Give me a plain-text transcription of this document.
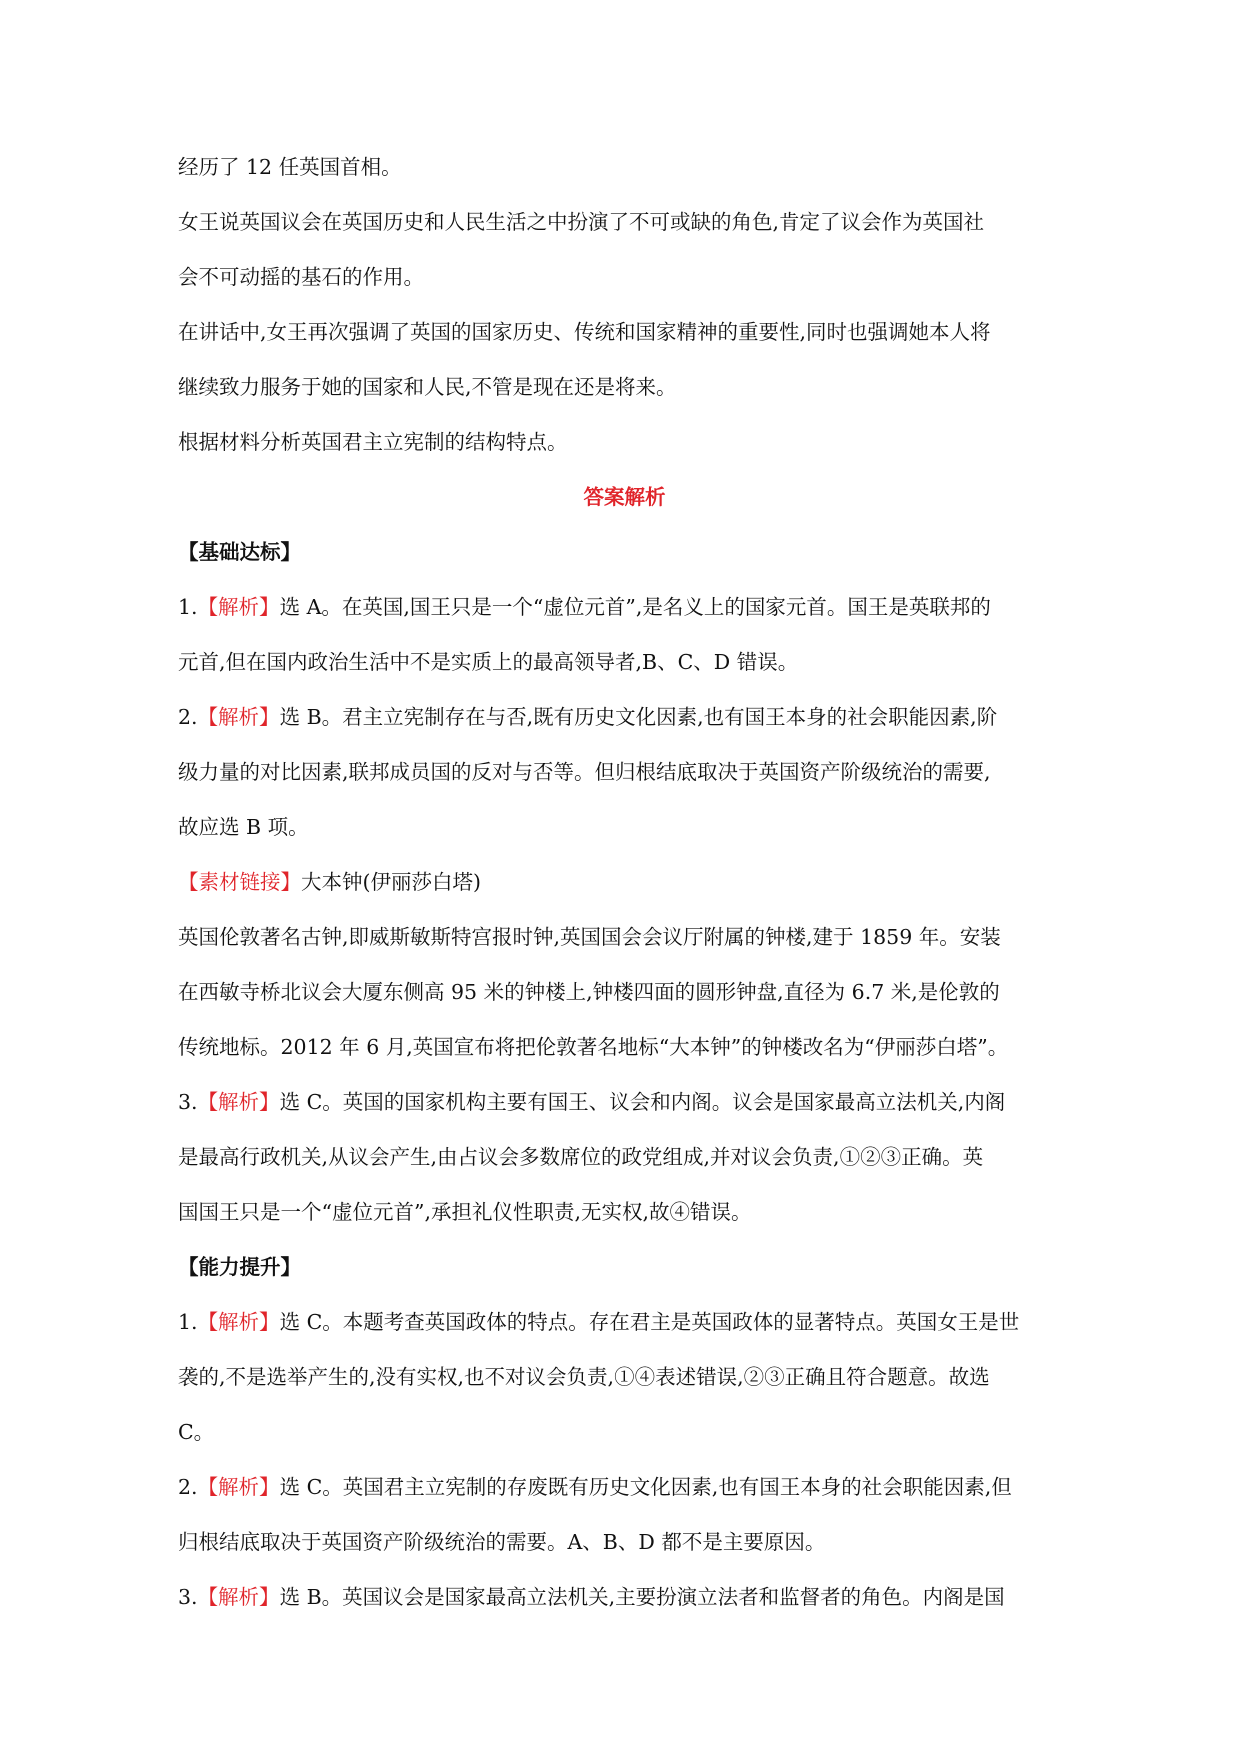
经历了 12 任英国首相。
女王说英国议会在英国历史和人民生活之中扮演了不可或缺的角色,肯定了议会作为英国社
会不可动摇的基石的作用。
在讲话中,女王再次强调了英国的国家历史、传统和国家精神的重要性,同时也强调她本人将
继续致力服务于她的国家和人民,不管是现在还是将来。
根据材料分析英国君主立宪制的结构特点。
答案解析
【基础达标】
1.【解析】选 A。在英国,国王只是一个“虚位元首”,是名义上的国家元首。国王是英联邦的
元首,但在国内政治生活中不是实质上的最高领导者,B、C、D 错误。
2.【解析】选 B。君主立宪制存在与否,既有历史文化因素,也有国王本身的社会职能因素,阶
级力量的对比因素,联邦成员国的反对与否等。但归根结底取决于英国资产阶级统治的需要,
故应选 B 项。
【素材链接】大本钟(伊丽莎白塔)
英国伦敦著名古钟,即威斯敏斯特宫报时钟,英国国会会议厅附属的钟楼,建于 1859 年。安装
在西敏寺桥北议会大厦东侧高 95 米的钟楼上,钟楼四面的圆形钟盘,直径为 6.7 米,是伦敦的
传统地标。2012 年 6 月,英国宣布将把伦敦著名地标“大本钟”的钟楼改名为“伊丽莎白塔”。
3.【解析】选 C。英国的国家机构主要有国王、议会和内阁。议会是国家最高立法机关,内阁
是最高行政机关,从议会产生,由占议会多数席位的政党组成,并对议会负责,①②③正确。英
国国王只是一个“虚位元首”,承担礼仪性职责,无实权,故④错误。
【能力提升】
1.【解析】选 C。本题考查英国政体的特点。存在君主是英国政体的显著特点。英国女王是世
袭的,不是选举产生的,没有实权,也不对议会负责,①④表述错误,②③正确且符合题意。故选
C。
2.【解析】选 C。英国君主立宪制的存废既有历史文化因素,也有国王本身的社会职能因素,但
归根结底取决于英国资产阶级统治的需要。A、B、D 都不是主要原因。
3.【解析】选 B。英国议会是国家最高立法机关,主要扮演立法者和监督者的角色。内阁是国
